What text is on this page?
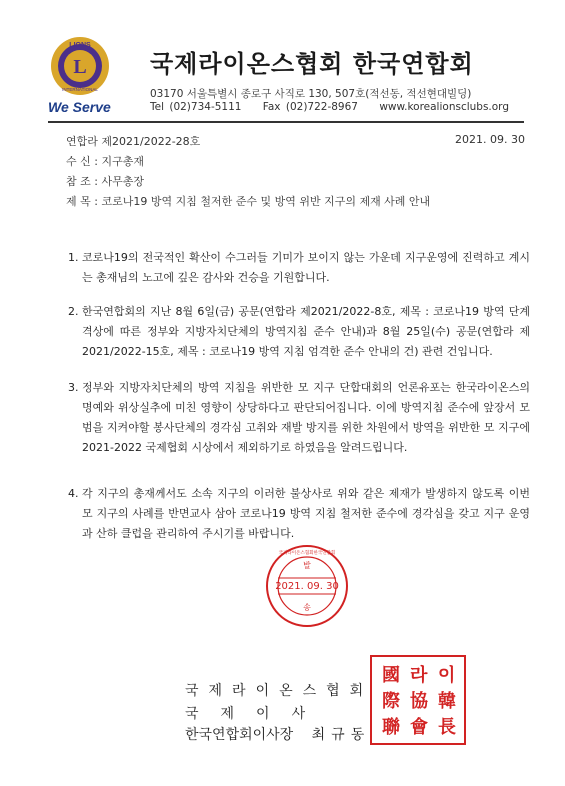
L
LIONS
INTERNATIONAL
We Serve
국제라이온스협회 한국연합회
03170 서울특별시 종로구 사직로 130, 507호(적선동, 적선현대빌딩)
Tel (02)734-5111 Fax (02)722-8967 www.korealionsclubs.org
연합라 제2021/2022-28호	2021. 09. 30
수 신 : 지구총재
참 조 : 사무총장
제 목 : 코로나19 방역 지침 철저한 준수 및 방역 위반 지구의 제재 사례 안내
1. 코로나19의 전국적인 확산이 수그러들 기미가 보이지 않는 가운데 지구운영에 진력하고 계시는 총재님의 노고에 깊은 감사와 건승을 기원합니다.
2. 한국연합회의 지난 8월 6일(금) 공문(연합라 제2021/2022-8호, 제목 : 코로나19 방역 단계 격상에 따른 정부와 지방자치단체의 방역지침 준수 안내)과 8월 25일(수) 공문(연합라 제2021/2022-15호, 제목 : 코로나19 방역 지침 엄격한 준수 안내의 건) 관련 건입니다.
3. 정부와 지방자치단체의 방역 지침을 위반한 모 지구 단합대회의 언론유포는 한국라이온스의 명예와 위상실추에 미친 영향이 상당하다고 판단되어집니다. 이에 방역지침 준수에 앞장서 모범을 지켜야할 봉사단체의 경각심 고취와 재발 방지를 위한 차원에서 방역을 위반한 모 지구에 2021-2022 국제협회 시상에서 제외하기로 하였음을 알려드립니다.
4. 각 지구의 총재께서도 소속 지구의 이러한 불상사로 위와 같은 제재가 발생하지 않도록 이번 모 지구의 사례를 반면교사 삼아 코로나19 방역 지침 철저한 준수에 경각심을 갖고 지구 운영과 산하 클럽을 관리하여 주시기를 바랍니다.
발
2021. 09. 30
송
국제라이온스협회한국연합회
국제라이온스협회
국제이사
한국연합회이사장 최규동
國 라 이
際 協 韓
聯 會 長
